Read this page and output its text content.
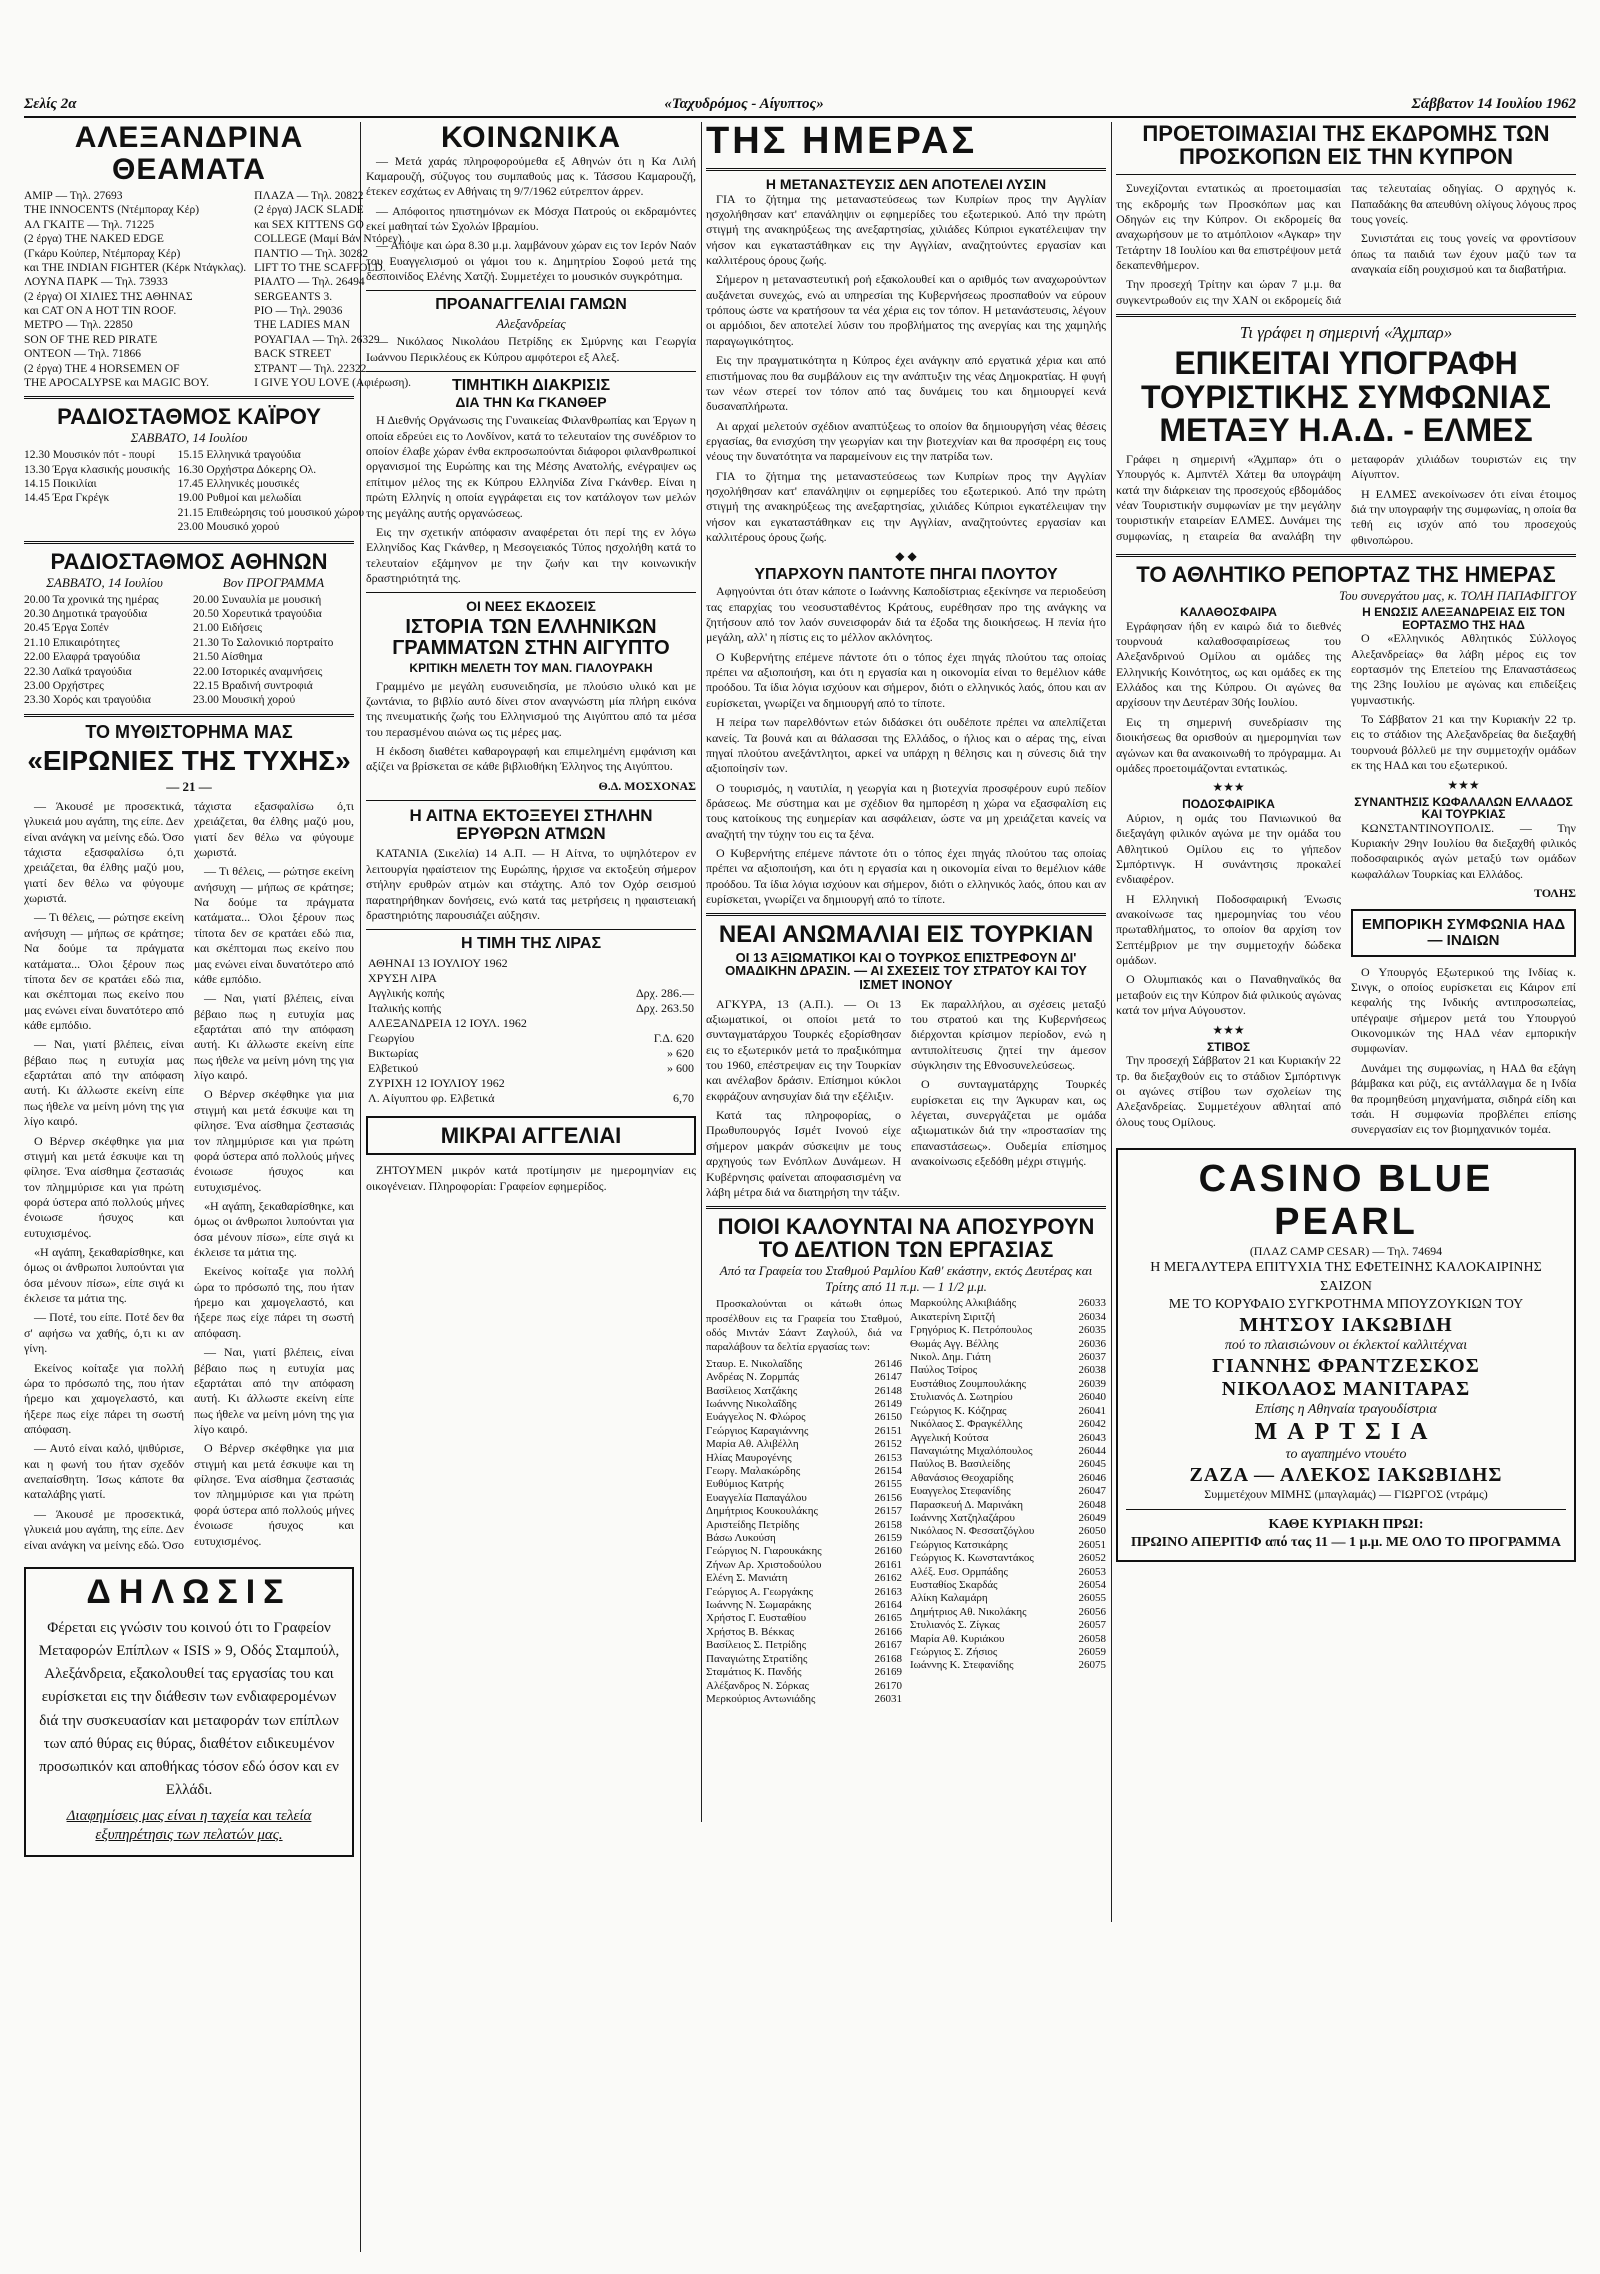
Σελίς 2α	«Ταχυδρόμος - Αίγυπτος»	Σάββατον 14 Ιουλίου 1962
ΑΛΕΞΑΝΔΡΙΝΑ ΘΕΑΜΑΤΑ
ΑΜΙΡ — Τηλ. 27693
THE INNOCENTS (Ντέμποραχ Κέρ)
ΑΛ ΓΚΑΙΤΕ — Τηλ. 71225
(2 έργα) THE NAKED EDGE
(Γκάρυ Κούπερ, Ντέμποραχ Κέρ)
και THE INDIAN FIGHTER (Κέρκ Ντάγκλας).
ΛΟΥΝΑ ΠΑΡΚ — Τηλ. 73933
(2 έργα) ΟΙ ΧΙΛΙΕΣ ΤΗΣ ΑΘΗΝΑΣ
και CAT ON A HOT TIN ROOF.
ΜΕΤΡΟ — Τηλ. 22850
SON OF THE RED PIRATE
ΟΝΤΕΟΝ — Τηλ. 71866
(2 έργα) THE 4 HORSEMEN OF
THE APOCALYPSE και MAGIC BOY.
ΠΛΑΖΑ — Τηλ. 20822
(2 έργα) JACK SLADE
και SEX KITTENS GO
COLLEGE (Μαμί Βάν Ντόρεν).
ΠΑΝΤΙΟ — Τηλ. 30282
LIFT TO THE SCAFFOLD.
ΡΙΑΛΤΟ — Τηλ. 26494
SERGEANTS 3.
ΡΙΟ — Τηλ. 29036
THE LADIES MAN
ΡΟΥΑΓΙΑΛ — Τηλ. 26329
BACK STREET
ΣΤΡΑΝΤ — Τηλ. 22322
I GIVE YOU LOVE (Αφιέρωση).
ΡΑΔΙΟΣΤΑΘΜΟΣ ΚΑΪΡΟΥ
ΣΑΒΒΑΤΟ, 14 Ιουλίου
12.30 Μουσικόν πότ - πουρί
13.30 Έργα κλασικής μουσικής
14.15 Ποικιλίαι
14.45 Έρα Γκρέγκ
15.15 Ελληνικά τραγούδια
16.30 Ορχήστρα Δόκερης Ολ.
17.45 Ελληνικές μουσικές
19.00 Ρυθμοί και μελωδίαι
21.15 Επιθεώρησις τού μουσικού χώρου
23.00 Μουσικό χορού
ΡΑΔΙΟΣΤΑΘΜΟΣ ΑΘΗΝΩΝ
ΣΑΒΒΑΤΟ, 14 Ιουλίου	Βον ΠΡΟΓΡΑΜΜΑ
20.00 Τα χρονικά της ημέρας
20.30 Δημοτικά τραγούδια
20.45 Έργα Σοπέν
21.10 Επικαιρότητες
22.00 Ελαφρά τραγούδια
22.30 Λαϊκά τραγούδια
23.00 Ορχήστρες
23.30 Χορός και τραγούδια
20.00 Συναυλία με μουσική
20.50 Χορευτικά τραγούδια
21.00 Ειδήσεις
21.30 Το Σαλονικιό πορτραίτο
21.50 Αίσθημα
22.00 Ιστορικές αναμνήσεις
22.15 Βραδινή συντροφιά
23.00 Μουσική χορού
ΤΟ ΜΥΘΙΣΤΟΡΗΜΑ ΜΑΣ
«ΕΙΡΩΝΙΕΣ ΤΗΣ ΤΥΧΗΣ»
— 21 —

— Άκουσέ με προσεκτικά, γλυκειά μου αγάπη, της είπε. Δεν είναι ανάγκη να μείνης εδώ. Όσο τάχιστα εξασφαλίσω ό,τι χρειάζεται, θα έλθης μαζύ μου, γιατί δεν θέλω να φύγουμε χωριστά.

— Τι θέλεις, — ρώτησε εκείνη ανήσυχη — μήπως σε κράτησε; Να δούμε τα πράγματα κατάματα... Όλοι ξέρουν πως τίποτα δεν σε κρατάει εδώ πια, και σκέπτομαι πως εκείνο που μας ενώνει είναι δυνατότερο από κάθε εμπόδιο.

— Ναι, γιατί βλέπεις, είναι βέβαιο πως η ευτυχία μας εξαρτάται από την απόφαση αυτή. Κι άλλωστε εκείνη είπε πως ήθελε να μείνη μόνη της για λίγο καιρό.

Ο Βέρνερ σκέφθηκε για μια στιγμή και μετά έσκυψε και τη φίλησε. Ένα αίσθημα ζεστασιάς τον πλημμύρισε και για πρώτη φορά ύστερα από πολλούς μήνες ένοιωσε ήσυχος και ευτυχισμένος.

«Η αγάπη, ξεκαθαρίσθηκε, και όμως οι άνθρωποι λυπούνται για όσα μένουν πίσω», είπε σιγά κι έκλεισε τα μάτια της.

— Ποτέ, του είπε. Ποτέ δεν θα σ' αφήσω να χαθής, ό,τι κι αν γίνη.

Εκείνος κοίταξε για πολλή ώρα το πρόσωπό της, που ήταν ήρεμο και χαμογελαστό, και ήξερε πως είχε πάρει τη σωστή απόφαση.

— Αυτό είναι καλό, ψιθύρισε, και η φωνή του ήταν σχεδόν ανεπαίσθητη. Ίσως κάποτε θα καταλάβης γιατί.

— Άκουσέ με προσεκτικά, γλυκειά μου αγάπη, της είπε. Δεν είναι ανάγκη να μείνης εδώ. Όσο τάχιστα εξασφαλίσω ό,τι χρειάζεται, θα έλθης μαζύ μου, γιατί δεν θέλω να φύγουμε χωριστά.

— Τι θέλεις, — ρώτησε εκείνη ανήσυχη — μήπως σε κράτησε; Να δούμε τα πράγματα κατάματα... Όλοι ξέρουν πως τίποτα δεν σε κρατάει εδώ πια, και σκέπτομαι πως εκείνο που μας ενώνει είναι δυνατότερο από κάθε εμπόδιο.

— Ναι, γιατί βλέπεις, είναι βέβαιο πως η ευτυχία μας εξαρτάται από την απόφαση αυτή. Κι άλλωστε εκείνη είπε πως ήθελε να μείνη μόνη της για λίγο καιρό.

Ο Βέρνερ σκέφθηκε για μια στιγμή και μετά έσκυψε και τη φίλησε. Ένα αίσθημα ζεστασιάς τον πλημμύρισε και για πρώτη φορά ύστερα από πολλούς μήνες ένοιωσε ήσυχος και ευτυχισμένος.

«Η αγάπη, ξεκαθαρίσθηκε, και όμως οι άνθρωποι λυπούνται για όσα μένουν πίσω», είπε σιγά κι έκλεισε τα μάτια της.

Εκείνος κοίταξε για πολλή ώρα το πρόσωπό της, που ήταν ήρεμο και χαμογελαστό, και ήξερε πως είχε πάρει τη σωστή απόφαση.

— Ναι, γιατί βλέπεις, είναι βέβαιο πως η ευτυχία μας εξαρτάται από την απόφαση αυτή. Κι άλλωστε εκείνη είπε πως ήθελε να μείνη μόνη της για λίγο καιρό.

Ο Βέρνερ σκέφθηκε για μια στιγμή και μετά έσκυψε και τη φίλησε. Ένα αίσθημα ζεστασιάς τον πλημμύρισε και για πρώτη φορά ύστερα από πολλούς μήνες ένοιωσε ήσυχος και ευτυχισμένος.

ΔΗΛΩΣΙΣ

Φέρεται εις γνώσιν του κοινού ότι το Γραφείον Μεταφορών Επίπλων « ISIS » 9, Οδός Σταμπούλ, Αλεξάνδρεια, εξακολουθεί τας εργασίας του και ευρίσκεται εις την διάθεσιν των ενδιαφερομένων διά την συσκευασίαν και μεταφοράν των επίπλων των από θύρας εις θύρας, διαθέτον ειδικευμένον προσωπικόν και αποθήκας τόσον εδώ όσον και εν Ελλάδι.

Διαφημίσεις μας είναι η ταχεία και τελεία εξυπηρέτησις των πελατών μας.

ΚΟΙΝΩΝΙΚΑ

— Μετά χαράς πληροφορούμεθα εξ Αθηνών ότι η Κα Λιλή Καμαρουζή, σύζυγος του συμπαθούς μας κ. Τάσσου Καμαρουζή, έτεκεν εσχάτως εν Αθήναις τη 9/7/1962 εύτρεπτον άρρεν.

— Απόφοιτος ηπιστημόνων εκ Μόσχα Πατρούς οι εκδραμόντες εκεί μαθηταί τών Σχολών Ιβραμίου.

— Απόψε και ώρα 8.30 μ.μ. λαμβάνουν χώραν εις τον Ιερόν Ναόν του Ευαγγελισμού οι γάμοι του κ. Δημητρίου Σοφού μετά της δεσποινίδος Ελένης Χατζή. Συμμετέχει το μουσικόν συγκρότημα.

ΠΡΟΑΝΑΓΓΕΛΙΑΙ ΓΑΜΩΝ
Αλεξανδρείας

— Νικόλαος Νικολάου Πετρίδης εκ Σμύρνης και Γεωργία Ιωάννου Περικλέους εκ Κύπρου αμφότεροι εξ Αλεξ.

ΤΙΜΗΤΙΚΗ ΔΙΑΚΡΙΣΙΣ
ΔΙΑ ΤΗΝ Κα ΓΚΑΝΘΕΡ

Η Διεθνής Οργάνωσις της Γυναικείας Φιλανθρωπίας και Έργων η οποία εδρεύει εις το Λονδίνον, κατά το τελευταίον της συνέδριον το οποίον έλαβε χώραν ένθα εκπροσωπούνται διάφοροι φιλανθρωπικοί οργανισμοί της Ευρώπης και της Μέσης Ανατολής, ενέγραψεν ως επίτιμον μέλος της εκ Κύπρου Ελληνίδα Ζίνα Γκάνθερ. Είναι η πρώτη Ελληνίς η οποία εγγράφεται εις τον κατάλογον των μελών της μεγάλης αυτής οργανώσεως.

Εις την σχετικήν απόφασιν αναφέρεται ότι περί της εν λόγω Ελληνίδος Κας Γκάνθερ, η Μεσογειακός Τύπος ησχολήθη κατά το τελευταίον εξάμηνον με την ζωήν και την κοινωνικήν δραστηριότητά της.

ΟΙ ΝΕΕΣ ΕΚΔΟΣΕΙΣ
ΙΣΤΟΡΙΑ ΤΩΝ ΕΛΛΗΝΙΚΩΝ ΓΡΑΜΜΑΤΩΝ ΣΤΗΝ ΑΙΓΥΠΤΟ
ΚΡΙΤΙΚΗ ΜΕΛΕΤΗ ΤΟΥ ΜΑΝ. ΓΙΑΛΟΥΡΑΚΗ

Γραμμένο με μεγάλη ευσυνειδησία, με πλούσιο υλικό και με ζωντάνια, το βιβλίο αυτό δίνει στον αναγνώστη μία πλήρη εικόνα της πνευματικής ζωής του Ελληνισμού της Αιγύπτου από τα μέσα του περασμένου αιώνα ως τις μέρες μας.

Η έκδοση διαθέτει καθαρογραφή και επιμελημένη εμφάνιση και αξίζει να βρίσκεται σε κάθε βιβλιοθήκη Έλληνος της Αιγύπτου.

Θ.Δ. ΜΟΣΧΟΝΑΣ
Η ΑΙΤΝΑ ΕΚΤΟΞΕΥΕΙ ΣΤΗΛΗΝ ΕΡΥΘΡΩΝ ΑΤΜΩΝ

ΚΑΤΑΝΙΑ (Σικελία) 14 Α.Π. — Η Αίτνα, το υψηλότερον εν λειτουργία ηφαίστειον της Ευρώπης, ήρχισε να εκτοξεύη σήμερον στήλην ερυθρών ατμών και στάχτης. Από τον Οχόρ σεισμού παρατηρήθηκαν δονήσεις, ενώ κατά τας μετρήσεις η ηφαιστειακή δραστηριότης παρουσιάζει αύξησιν.

Η ΤΙΜΗ ΤΗΣ ΛΙΡΑΣ
ΑΘΗΝΑΙ 13 ΙΟΥΛΙΟΥ 1962	
ΧΡΥΣΗ ΛΙΡΑ	
Αγγλικής κοπής	Δρχ. 286.—
Ιταλικής κοπής	Δρχ. 263.50
ΑΛΕΞΑΝΔΡΕΙΑ 12 ΙΟΥΛ. 1962	
Γεωργίου	Γ.Δ. 620
Βικτωρίας	» 620
Ελβετικού	» 600
ΖΥΡΙΧΗ 12 ΙΟΥΛΙΟΥ 1962	
Λ. Αίγυπτου φρ. Ελβετικά	6,70
ΜΙΚΡΑΙ ΑΓΓΕΛΙΑΙ

ΖΗΤΟΥΜΕΝ μικρόν κατά προτίμησιν με ημερομηνίαν εις οικογένειαν. Πληροφορίαι: Γραφείον εφημερίδος.

ΤΗΣ ΗΜΕΡΑΣ
Η ΜΕΤΑΝΑΣΤΕΥΣΙΣ ΔΕΝ ΑΠΟΤΕΛΕΙ ΛΥΣΙΝ

ΓΙΑ το ζήτημα της μεταναστεύσεως των Κυπρίων προς την Αγγλίαν ησχολήθησαν κατ' επανάληψιν οι εφημερίδες του εξωτερικού. Από την πρώτη στιγμή της ανακηρύξεως της ανεξαρτησίας, χιλιάδες Κύπριοι εγκατέλειψαν την νήσον και εγκαταστάθηκαν εις την Αγγλίαν, αναζητούντες εργασίαν και καλλιτέρους όρους ζωής.

Σήμερον η μεταναστευτική ροή εξακολουθεί και ο αριθμός των αναχωρούντων αυξάνεται συνεχώς, ενώ αι υπηρεσίαι της Κυβερνήσεως προσπαθούν να εύρουν τρόπους ώστε να κρατήσουν τα νέα χέρια εις τον τόπον. Η μετανάστευσις, λέγουν οι αρμόδιοι, δεν αποτελεί λύσιν του προβλήματος της ανεργίας και της χαμηλής παραγωγικότητος.

Εις την πραγματικότητα η Κύπρος έχει ανάγκην από εργατικά χέρια και από επιστήμονας που θα συμβάλουν εις την ανάπτυξιν της νέας Δημοκρατίας. Η φυγή των νέων στερεί τον τόπον από τας δυνάμεις του και δημιουργεί κενά δυσαναπλήρωτα.

Αι αρχαί μελετούν σχέδιον αναπτύξεως το οποίον θα δημιουργήση νέας θέσεις εργασίας, θα ενισχύση την γεωργίαν και την βιοτεχνίαν και θα προσφέρη εις τους νέους την δυνατότητα να παραμείνουν εις την πατρίδα των.

ΓΙΑ το ζήτημα της μεταναστεύσεως των Κυπρίων προς την Αγγλίαν ησχολήθησαν κατ' επανάληψιν οι εφημερίδες του εξωτερικού. Από την πρώτη στιγμή της ανακηρύξεως της ανεξαρτησίας, χιλιάδες Κύπριοι εγκατέλειψαν την νήσον και εγκαταστάθηκαν εις την Αγγλίαν, αναζητούντες εργασίαν και καλλιτέρους όρους ζωής.

◆ ◆
ΥΠΑΡΧΟΥΝ ΠΑΝΤΟΤΕ ΠΗΓΑΙ ΠΛΟΥΤΟΥ

Αφηγούνται ότι όταν κάποτε ο Ιωάννης Καποδίστριας εξεκίνησε να περιοδεύση τας επαρχίας του νεοσυσταθέντος Κράτους, ευρέθησαν προ της ανάγκης να ζητήσουν από τον λαόν συνεισφοράν διά τα έξοδα της διοικήσεως. Η πενία ήτο μεγάλη, αλλ' η πίστις εις το μέλλον ακλόνητος.

Ο Κυβερνήτης επέμενε πάντοτε ότι ο τόπος έχει πηγάς πλούτου τας οποίας πρέπει να αξιοποιήση, και ότι η εργασία και η οικονομία είναι το θεμέλιον κάθε προόδου. Τα ίδια λόγια ισχύουν και σήμερον, διότι ο ελληνικός λαός, όπου και αν ευρίσκεται, γνωρίζει να δημιουργή από το τίποτε.

Η πείρα των παρελθόντων ετών διδάσκει ότι ουδέποτε πρέπει να απελπίζεται κανείς. Τα βουνά και αι θάλασσαι της Ελλάδος, ο ήλιος και ο αέρας της, είναι πηγαί πλούτου ανεξάντλητοι, αρκεί να υπάρχη η θέλησις και η σύνεσις διά την αξιοποίησίν των.

Ο τουρισμός, η ναυτιλία, η γεωργία και η βιοτεχνία προσφέρουν ευρύ πεδίον δράσεως. Με σύστημα και με σχέδιον θα ημπορέση η χώρα να εξασφαλίση εις τους κατοίκους της ευημερίαν και ασφάλειαν, ώστε να μη χρειάζεται κανείς να αναζητή την τύχην του εις τα ξένα.

Ο Κυβερνήτης επέμενε πάντοτε ότι ο τόπος έχει πηγάς πλούτου τας οποίας πρέπει να αξιοποιήση, και ότι η εργασία και η οικονομία είναι το θεμέλιον κάθε προόδου. Τα ίδια λόγια ισχύουν και σήμερον, διότι ο ελληνικός λαός, όπου και αν ευρίσκεται, γνωρίζει να δημιουργή από το τίποτε.

ΝΕΑΙ ΑΝΩΜΑΛΙΑΙ ΕΙΣ ΤΟΥΡΚΙΑΝ
ΟΙ 13 ΑΞΙΩΜΑΤΙΚΟΙ ΚΑΙ Ο ΤΟΥΡΚΟΣ ΕΠΙΣΤΡΕΦΟΥΝ ΔΙ' ΟΜΑΔΙΚΗΝ ΔΡΑΣΙΝ. — ΑΙ ΣΧΕΣΕΙΣ ΤΟΥ ΣΤΡΑΤΟΥ ΚΑΙ ΤΟΥ ΙΣΜΕΤ ΙΝΟΝΟΥ

ΑΓΚΥΡΑ, 13 (Α.Π.). — Οι 13 αξιωματικοί, οι οποίοι μετά το συνταγματάρχου Τουρκές εξορίσθησαν εις το εξωτερικόν μετά το πραξικόπημα του 1960, επέστρεψαν εις την Τουρκίαν και ανέλαβον δράσιν. Επίσημοι κύκλοι εκφράζουν ανησυχίαν διά την εξέλιξιν.

Κατά τας πληροφορίας, ο Πρωθυπουργός Ισμέτ Ινονού είχε σήμερον μακράν σύσκεψιν με τους αρχηγούς των Ενόπλων Δυνάμεων. Η Κυβέρνησις φαίνεται αποφασισμένη να λάβη μέτρα διά να διατηρήση την τάξιν.

Εκ παραλλήλου, αι σχέσεις μεταξύ του στρατού και της Κυβερνήσεως διέρχονται κρίσιμον περίοδον, ενώ η αντιπολίτευσις ζητεί την άμεσον σύγκλησιν της Εθνοσυνελεύσεως.

Ο συνταγματάρχης Τουρκές ευρίσκεται εις την Άγκυραν και, ως λέγεται, συνεργάζεται με ομάδα αξιωματικών διά την «προστασίαν της επαναστάσεως». Ουδεμία επίσημος ανακοίνωσις εξεδόθη μέχρι στιγμής.

ΠΟΙΟΙ ΚΑΛΟΥΝΤΑΙ ΝΑ ΑΠΟΣΥΡΟΥΝ ΤΟ ΔΕΛΤΙΟΝ ΤΩΝ ΕΡΓΑΣΙΑΣ
Από τα Γραφεία του Σταθμού Ραμλίου Καθ' εκάστην, εκτός Δευτέρας και Τρίτης από 11 π.μ. — 1 1/2 μ.μ.

Προσκαλούνται οι κάτωθι όπως προσέλθουν εις τα Γραφεία του Σταθμού, οδός Μιντάν Σάαντ Ζαγλούλ, διά να παραλάβουν τα δελτία εργασίας των:

Σταυρ. Ε. Νικολαΐδης	26146
Ανδρέας Ν. Ζορμπάς	26147
Βασίλειος Χατζάκης	26148
Ιωάννης Νικολαΐδης	26149
Ευάγγελος Ν. Φλώρος	26150
Γεώργιος Καραγιάννης	26151
Μαρία Αθ. Αλιβέλλη	26152
Ηλίας Μαυρογένης	26153
Γεωργ. Μαλακώρδης	26154
Ευθύμιος Κατρής	26155
Ευαγγελία Παπαγάλου	26156
Δημήτριος Κουκουλάκης	26157
Αριστείδης Πετρίδης	26158
Βάσω Λυκούση	26159
Γεώργιος Ν. Γιαρουκάκης	26160
Ζήνων Αρ. Χριστοδούλου	26161
Ελένη Σ. Μανιάτη	26162
Γεώργιος Α. Γεωργάκης	26163
Ιωάννης Ν. Σωμαράκης	26164
Χρήστος Γ. Ευσταθίου	26165
Χρήστος Β. Βέκκας	26166
Βασίλειος Σ. Πετρίδης	26167
Παναγιώτης Στρατίδης	26168
Σταμάτιος Κ. Πανδής	26169
Αλέξανδρος Ν. Σόρκας	26170
Μερκούριος Αντωνιάδης	26031
Μαρκούλης Αλκιβιάδης	26033
Αικατερίνη Σιριτζή	26034
Γρηγόριος Κ. Πετρόπουλος	26035
Θωμάς Αγγ. Βέλλης	26036
Νικολ. Δημ. Γιάτη	26037
Παύλος Τσίρος	26038
Ευστάθιος Ζουμπουλάκης	26039
Στυλιανός Δ. Σωτηρίου	26040
Γεώργιος Κ. Κόζηρας	26041
Νικόλαος Σ. Φραγκέλλης	26042
Αγγελική Κούτσα	26043
Παναγιώτης Μιχαλόπουλος	26044
Παύλος Β. Βασιλείδης	26045
Αθανάσιος Θεοχαρίδης	26046
Ευαγγελος Στεφανίδης	26047
Παρασκευή Δ. Μαρινάκη	26048
Ιωάννης Χατζηλαζάρου	26049
Νικόλαος Ν. Φεσσατζόγλου	26050
Γεώργιος Κατσικάρης	26051
Γεώργιος Κ. Κωνσταντάκος	26052
Αλέξ. Ευσ. Ορμπάδης	26053
Ευσταθίος Σκαρδάς	26054
Αλίκη Καλαμάρη	26055
Δημήτριος Αθ. Νικολάκης	26056
Στυλιανός Σ. Ζίγκας	26057
Μαρία Αθ. Κυριάκου	26058
Γεώργιος Σ. Ζήσιος	26059
Ιωάννης Κ. Στεφανίδης	26075
ΠΡΟΕΤΟΙΜΑΣΙΑΙ ΤΗΣ ΕΚΔΡΟΜΗΣ ΤΩΝ ΠΡΟΣΚΟΠΩΝ ΕΙΣ ΤΗΝ ΚΥΠΡΟΝ

Συνεχίζονται εντατικώς αι προετοιμασίαι της εκδρομής των Προσκόπων μας και Οδηγών εις την Κύπρον. Οι εκδρομείς θα αναχωρήσουν με το ατμόπλοιον «Αγκαρ» την Τετάρτην 18 Ιουλίου και θα επιστρέψουν μετά δεκαπενθήμερον.

Την προσεχή Τρίτην και ώραν 7 μ.μ. θα συγκεντρωθούν εις την ΧΑΝ οι εκδρομείς διά τας τελευταίας οδηγίας. Ο αρχηγός κ. Παπαδάκης θα απευθύνη ολίγους λόγους προς τους γονείς.

Συνιστάται εις τους γονείς να φροντίσουν όπως τα παιδιά των έχουν μαζύ των τα αναγκαία είδη ρουχισμού και τα διαβατήρια.

Τι γράφει η σημερινή «Άχμπαρ»
ΕΠΙΚΕΙΤΑΙ ΥΠΟΓΡΑΦΗ ΤΟΥΡΙΣΤΙΚΗΣ ΣΥΜΦΩΝΙΑΣ ΜΕΤΑΞΥ Η.Α.Δ. - ΕΛΜΕΣ

Γράφει η σημερινή «Άχμπαρ» ότι ο Υπουργός κ. Αμπντέλ Χάτεμ θα υπογράψη κατά την διάρκειαν της προσεχούς εβδομάδος νέαν Τουριστικήν συμφωνίαν με την μεγάλην τουριστικήν εταιρείαν ΕΛΜΕΣ. Δυνάμει της συμφωνίας, η εταιρεία θα αναλάβη την μεταφοράν χιλιάδων τουριστών εις την Αίγυπτον.

Η ΕΛΜΕΣ ανεκοίνωσεν ότι είναι έτοιμος διά την υπογραφήν της συμφωνίας, η οποία θα τεθή εις ισχύν από του προσεχούς φθινοπώρου.

ΤΟ ΑΘΛΗΤΙΚΟ ΡΕΠΟΡΤΑΖ ΤΗΣ ΗΜΕΡΑΣ
Του συνεργάτου μας, κ. ΤΟΛΗ ΠΑΠΑΦΙΓΓΟΥ
ΚΑΛΑΘΟΣΦΑΙΡΑ

Εγράφησαν ήδη εν καιρώ διά το διεθνές τουρνουά καλαθοσφαιρίσεως του Αλεξανδρινού Ομίλου αι ομάδες της Ελληνικής Κοινότητος, ως και ομάδες εκ της Ελλάδος και της Κύπρου. Οι αγώνες θα αρχίσουν την Δευτέραν 30ής Ιουλίου.

Εις τη σημερινή συνεδρίασιν της διοικήσεως θα ορισθούν αι ημερομηνίαι των αγώνων και θα ανακοινωθή το πρόγραμμα. Αι ομάδες προετοιμάζονται εντατικώς.

★★★
ΠΟΔΟΣΦΑΙΡΙΚΑ

Αύριον, η ομάς του Πανιωνικού θα διεξαγάγη φιλικόν αγώνα με την ομάδα του Αθλητικού Ομίλου εις το γήπεδον Σμπόρτινγκ. Η συνάντησις προκαλεί ενδιαφέρον.

Η Ελληνική Ποδοσφαιρική Ένωσις ανακοίνωσε τας ημερομηνίας του νέου πρωταθλήματος, το οποίον θα αρχίση τον Σεπτέμβριον με την συμμετοχήν δώδεκα ομάδων.

Ο Ολυμπιακός και ο Παναθηναϊκός θα μεταβούν εις την Κύπρον διά φιλικούς αγώνας κατά τον μήνα Αύγουστον.

★★★
ΣΤΙΒΟΣ

Την προσεχή Σάββατον 21 και Κυριακήν 22 τρ. θα διεξαχθούν εις το στάδιον Σμπόρτινγκ οι αγώνες στίβου των σχολείων της Αλεξανδρείας. Συμμετέχουν αθληταί από όλους τους Ομίλους.

Η ΕΝΩΣΙΣ ΑΛΕΞΑΝΔΡΕΙΑΣ ΕΙΣ ΤΟΝ ΕΟΡΤΑΣΜΟ ΤΗΣ ΗΑΔ

Ο «Ελληνικός Αθλητικός Σύλλογος Αλεξανδρείας» θα λάβη μέρος εις τον εορτασμόν της Επετείου της Επαναστάσεως της 23ης Ιουλίου με αγώνας και επιδείξεις γυμναστικής.

Το Σάββατον 21 και την Κυριακήν 22 τρ. εις το στάδιον της Αλεξανδρείας θα διεξαχθή τουρνουά βόλλεϋ με την συμμετοχήν ομάδων εκ της ΗΑΔ και του εξωτερικού.

★★★
ΣΥΝΑΝΤΗΣΙΣ ΚΩΦΑΛΑΛΩΝ ΕΛΛΑΔΟΣ ΚΑΙ ΤΟΥΡΚΙΑΣ

ΚΩΝΣΤΑΝΤΙΝΟΥΠΟΛΙΣ. — Την Κυριακήν 29ην Ιουλίου θα διεξαχθή φιλικός ποδοσφαιρικός αγών μεταξύ των ομάδων κωφαλάλων Τουρκίας και Ελλάδος.

ΤΟΛΗΣ
ΕΜΠΟΡΙΚΗ ΣΥΜΦΩΝΙΑ ΗΑΔ — ΙΝΔΙΩΝ

Ο Υπουργός Εξωτερικού της Ινδίας κ. Σινγκ, ο οποίος ευρίσκεται εις Κάιρον επί κεφαλής της Ινδικής αντιπροσωπείας, υπέγραψε σήμερον μετά του Υπουργού Οικονομικών της ΗΑΔ νέαν εμπορικήν συμφωνίαν.

Δυνάμει της συμφωνίας, η ΗΑΔ θα εξάγη βάμβακα και ρύζι, εις αντάλλαγμα δε η Ινδία θα προμηθεύση μηχανήματα, σιδηρά είδη και τσάι. Η συμφωνία προβλέπει επίσης συνεργασίαν εις τον βιομηχανικόν τομέα.

CASINO BLUE PEARL
(ΠΛΑΖ CAMP CESAR) — Τηλ. 74694
Η ΜΕΓΑΛΥΤΕΡΑ ΕΠΙΤΥΧΙΑ ΤΗΣ ΕΦΕΤΕΙΝΗΣ ΚΑΛΟΚΑΙΡΙΝΗΣ ΣΑΙΖΟΝ
ΜΕ ΤΟ ΚΟΡΥΦΑΙΟ ΣΥΓΚΡΟΤΗΜΑ ΜΠΟΥΖΟΥΚΙΩΝ ΤΟΥ
ΜΗΤΣΟΥ ΙΑΚΩΒΙΔΗ
πού το πλαισιώνουν οι έκλεκτοί καλλιτέχναι
ΓΙΑΝΝΗΣ ΦΡΑΝΤΖΕΣΚΟΣ
ΝΙΚΟΛΑΟΣ ΜΑΝΙΤΑΡΑΣ
Επίσης η Αθηναία τραγουδίστρια
ΜΑΡΤΣΙΑ
το αγαπημένο ντουέτο
ΖΑΖΑ — ΑΛΕΚΟΣ ΙΑΚΩΒΙΔΗΣ
Συμμετέχουν ΜΙΜΗΣ (μπαγλαμάς) — ΓΙΩΡΓΟΣ (ντράμς)
ΚΑΘΕ ΚΥΡΙΑΚΗ ΠΡΩΙ:
ΠΡΩΙΝΟ ΑΠΕΡΙΤΙΦ από τας 11 — 1 μ.μ. ΜΕ ΟΛΟ ΤΟ ΠΡΟΓΡΑΜΜΑ
